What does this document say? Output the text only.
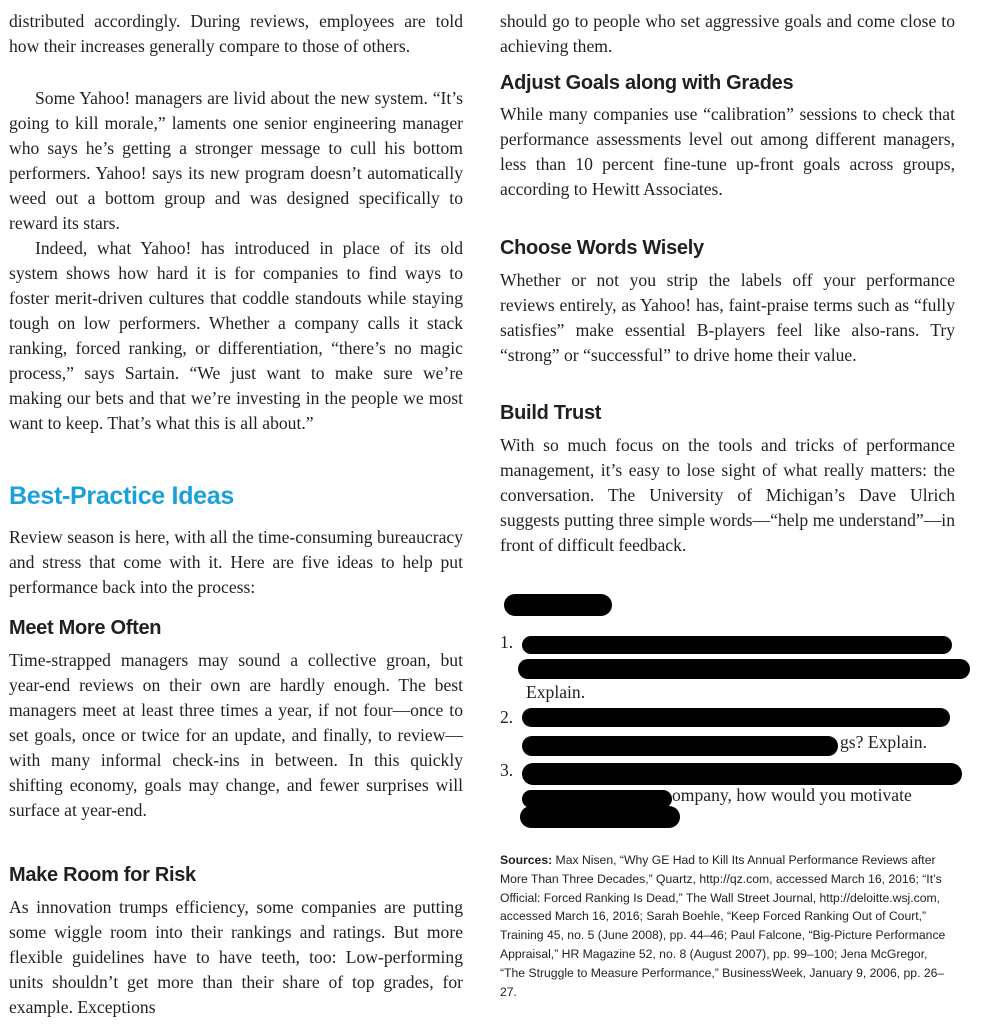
distributed accordingly. During reviews, employees are told how their increases generally compare to those of others.

Some Yahoo! managers are livid about the new system. “It’s going to kill morale,” laments one senior engineering manager who says he’s getting a stronger message to cull his bottom performers. Yahoo! says its new program doesn’t automatically weed out a bottom group and was designed specifically to reward its stars.

Indeed, what Yahoo! has introduced in place of its old system shows how hard it is for companies to find ways to foster merit-driven cultures that coddle standouts while staying tough on low performers. Whether a company calls it stack ranking, forced ranking, or differentiation, “there’s no magic process,” says Sartain. “We just want to make sure we’re making our bets and that we’re investing in the people we most want to keep. That’s what this is all about.”

Best-Practice Ideas

Review season is here, with all the time-consuming bureaucracy and stress that come with it. Here are five ideas to help put performance back into the process:

Meet More Often

Time-strapped managers may sound a collective groan, but year-end reviews on their own are hardly enough. The best managers meet at least three times a year, if not four—once to set goals, once or twice for an update, and finally, to review—with many informal check-ins in between. In this quickly shifting economy, goals may change, and fewer surprises will surface at year-end.

Make Room for Risk

As innovation trumps efficiency, some companies are putting some wiggle room into their rankings and ratings. But more flexible guidelines have to have teeth, too: Low-performing units shouldn’t get more than their share of top grades, for example. Exceptions

should go to people who set aggressive goals and come close to achieving them.

Adjust Goals along with Grades

While many companies use “calibration” sessions to check that performance assessments level out among different managers, less than 10 percent fine-tune up-front goals across groups, according to Hewitt Associates.

Choose Words Wisely

Whether or not you strip the labels off your performance reviews entirely, as Yahoo! has, faint-praise terms such as “fully satisfies” make essential B-players feel like also-rans. Try “strong” or “successful” to drive home their value.

Build Trust

With so much focus on the tools and tricks of performance management, it’s easy to lose sight of what really matters: the conversation. The University of Michigan’s Dave Ulrich suggests putting three simple words—“help me understand”—in front of difficult feedback.

1.
Explain.
2.
gs? Explain.
3.
ompany, how would you motivate

Sources: Max Nisen, “Why GE Had to Kill Its Annual Performance Reviews after More Than Three Decades,” Quartz, http://qz.com, accessed March 16, 2016; “It’s Official: Forced Ranking Is Dead,” The Wall Street Journal, http://deloitte.wsj.com, accessed March 16, 2016; Sarah Boehle, “Keep Forced Ranking Out of Court,” Training 45, no. 5 (June 2008), pp. 44–46; Paul Falcone, “Big-Picture Performance Appraisal,” HR Magazine 52, no. 8 (August 2007), pp. 99–100; Jena McGregor, “The Struggle to Measure Performance,” BusinessWeek, January 9, 2006, pp. 26–27.
